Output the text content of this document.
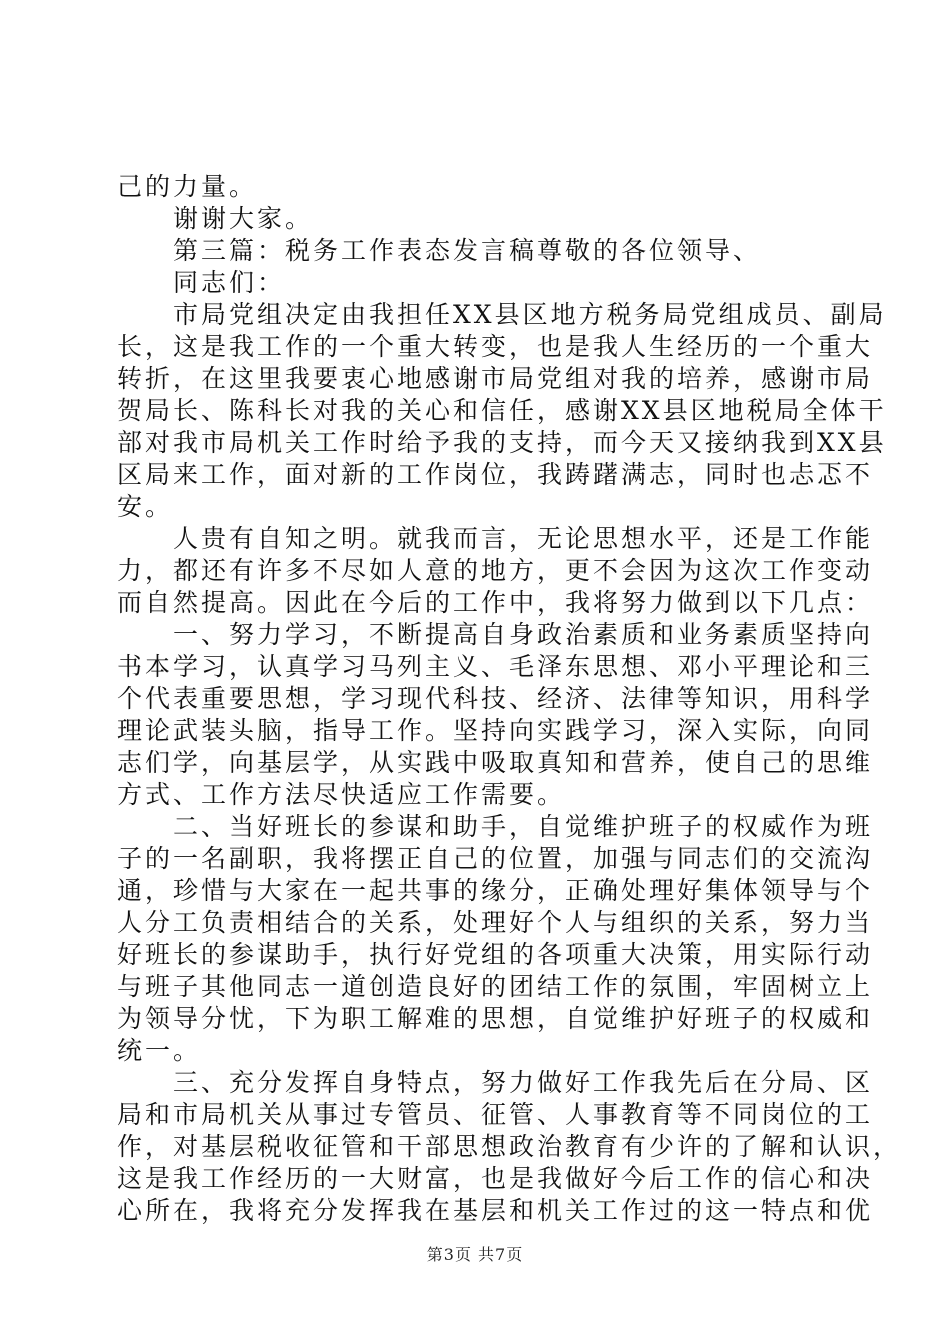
己的力量。
　　谢谢大家。
　　第三篇：税务工作表态发言稿尊敬的各位领导、
　　同志们：
　　市局党组决定由我担任XX县区地方税务局党组成员、副局
长，这是我工作的一个重大转变，也是我人生经历的一个重大
转折，在这里我要衷心地感谢市局党组对我的培养，感谢市局
贺局长、陈科长对我的关心和信任，感谢XX县区地税局全体干
部对我市局机关工作时给予我的支持，而今天又接纳我到XX县
区局来工作，面对新的工作岗位，我踌躇满志，同时也忐忑不
安。
　　人贵有自知之明。就我而言，无论思想水平，还是工作能
力，都还有许多不尽如人意的地方，更不会因为这次工作变动
而自然提高。因此在今后的工作中，我将努力做到以下几点：
　　一、努力学习，不断提高自身政治素质和业务素质坚持向
书本学习，认真学习马列主义、毛泽东思想、邓小平理论和三
个代表重要思想，学习现代科技、经济、法律等知识，用科学
理论武装头脑，指导工作。坚持向实践学习，深入实际，向同
志们学，向基层学，从实践中吸取真知和营养，使自己的思维
方式、工作方法尽快适应工作需要。
　　二、当好班长的参谋和助手，自觉维护班子的权威作为班
子的一名副职，我将摆正自己的位置，加强与同志们的交流沟
通，珍惜与大家在一起共事的缘分，正确处理好集体领导与个
人分工负责相结合的关系，处理好个人与组织的关系，努力当
好班长的参谋助手，执行好党组的各项重大决策，用实际行动
与班子其他同志一道创造良好的团结工作的氛围，牢固树立上
为领导分忧，下为职工解难的思想，自觉维护好班子的权威和
统一。
　　三、充分发挥自身特点，努力做好工作我先后在分局、区
局和市局机关从事过专管员、征管、人事教育等不同岗位的工
作，对基层税收征管和干部思想政治教育有少许的了解和认识，
这是我工作经历的一大财富，也是我做好今后工作的信心和决
心所在，我将充分发挥我在基层和机关工作过的这一特点和优
第3页 共7页
